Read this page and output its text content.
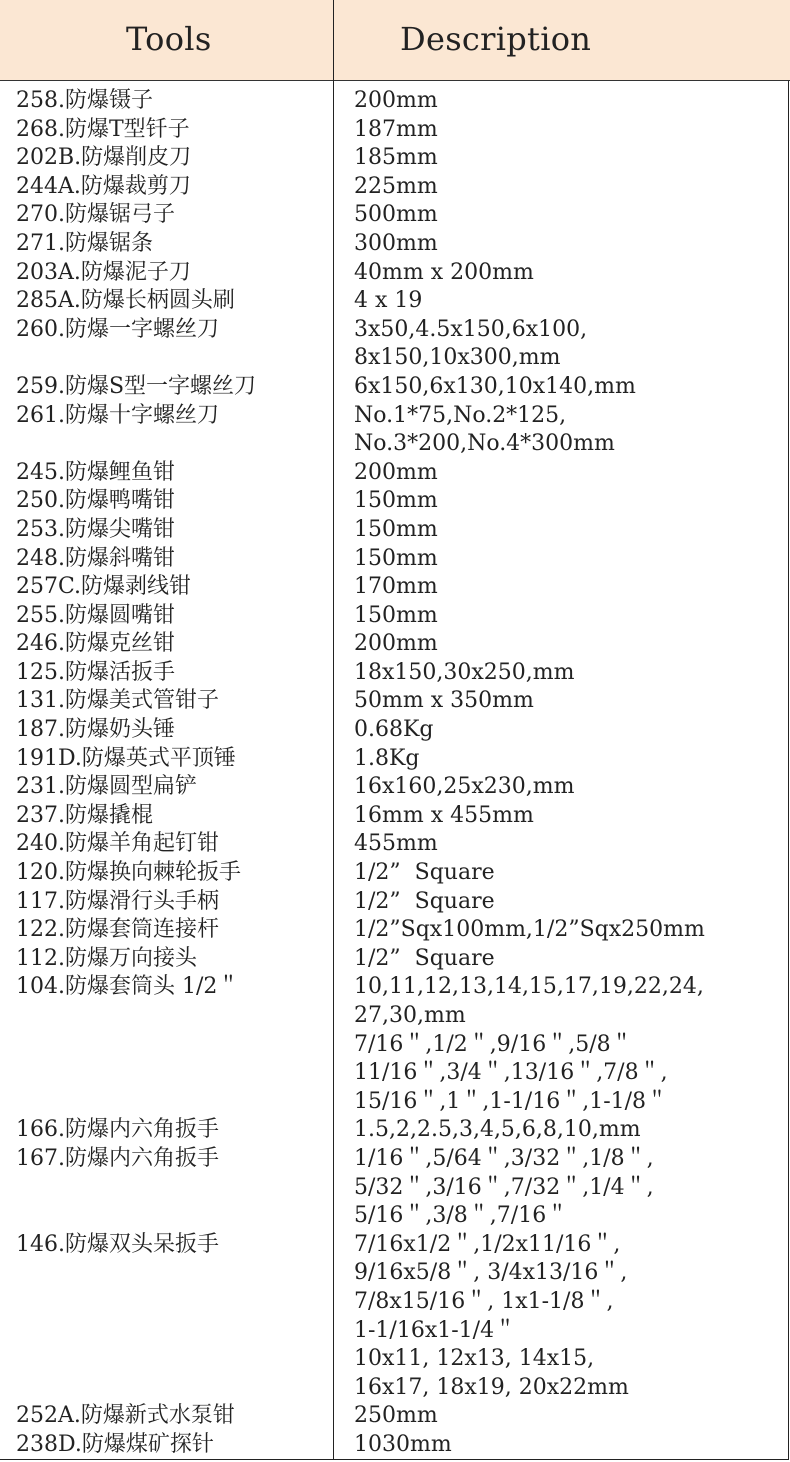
Tools	Description
258.防爆镊子
268.防爆T型钎子
202B.防爆削皮刀
244A.防爆裁剪刀
270.防爆锯弓子
271.防爆锯条
203A.防爆泥子刀
285A.防爆长柄圆头刷
260.防爆一字螺丝刀
259.防爆S型一字螺丝刀
261.防爆十字螺丝刀
245.防爆鲤鱼钳
250.防爆鸭嘴钳
253.防爆尖嘴钳
248.防爆斜嘴钳
257C.防爆剥线钳
255.防爆圆嘴钳
246.防爆克丝钳
125.防爆活扳手
131.防爆美式管钳子
187.防爆奶头锤
191D.防爆英式平顶锤
231.防爆圆型扁铲
237.防爆撬棍
240.防爆羊角起钉钳
120.防爆换向棘轮扳手
117.防爆滑行头手柄
122.防爆套筒连接杆
112.防爆万向接头
104.防爆套筒头 1/2＂
166.防爆内六角扳手
167.防爆内六角扳手
146.防爆双头呆扳手
252A.防爆新式水泵钳
238D.防爆煤矿探针
200mm
187mm
185mm
225mm
500mm
300mm
40mm x 200mm
4 x 19
3x50,4.5x150,6x100,
8x150,10x300,mm
6x150,6x130,10x140,mm
No.1*75,No.2*125,
No.3*200,No.4*300mm
200mm
150mm
150mm
150mm
170mm
150mm
200mm
18x150,30x250,mm
50mm x 350mm
0.68Kg
1.8Kg
16x160,25x230,mm
16mm x 455mm
455mm
1/2”  Square
1/2”  Square
1/2”Sqx100mm,1/2”Sqx250mm
1/2”  Square
10,11,12,13,14,15,17,19,22,24,
27,30,mm
7/16＂,1/2＂,9/16＂,5/8＂
11/16＂,3/4＂,13/16＂,7/8＂,
15/16＂,1＂,1-1/16＂,1-1/8＂
1.5,2,2.5,3,4,5,6,8,10,mm
1/16＂,5/64＂,3/32＂,1/8＂,
5/32＂,3/16＂,7/32＂,1/4＂,
5/16＂,3/8＂,7/16＂
7/16x1/2＂,1/2x11/16＂,
9/16x5/8＂, 3/4x13/16＂,
7/8x15/16＂, 1x1-1/8＂,
1-1/16x1-1/4＂
10x11, 12x13, 14x15,
16x17, 18x19, 20x22mm
250mm
1030mm
